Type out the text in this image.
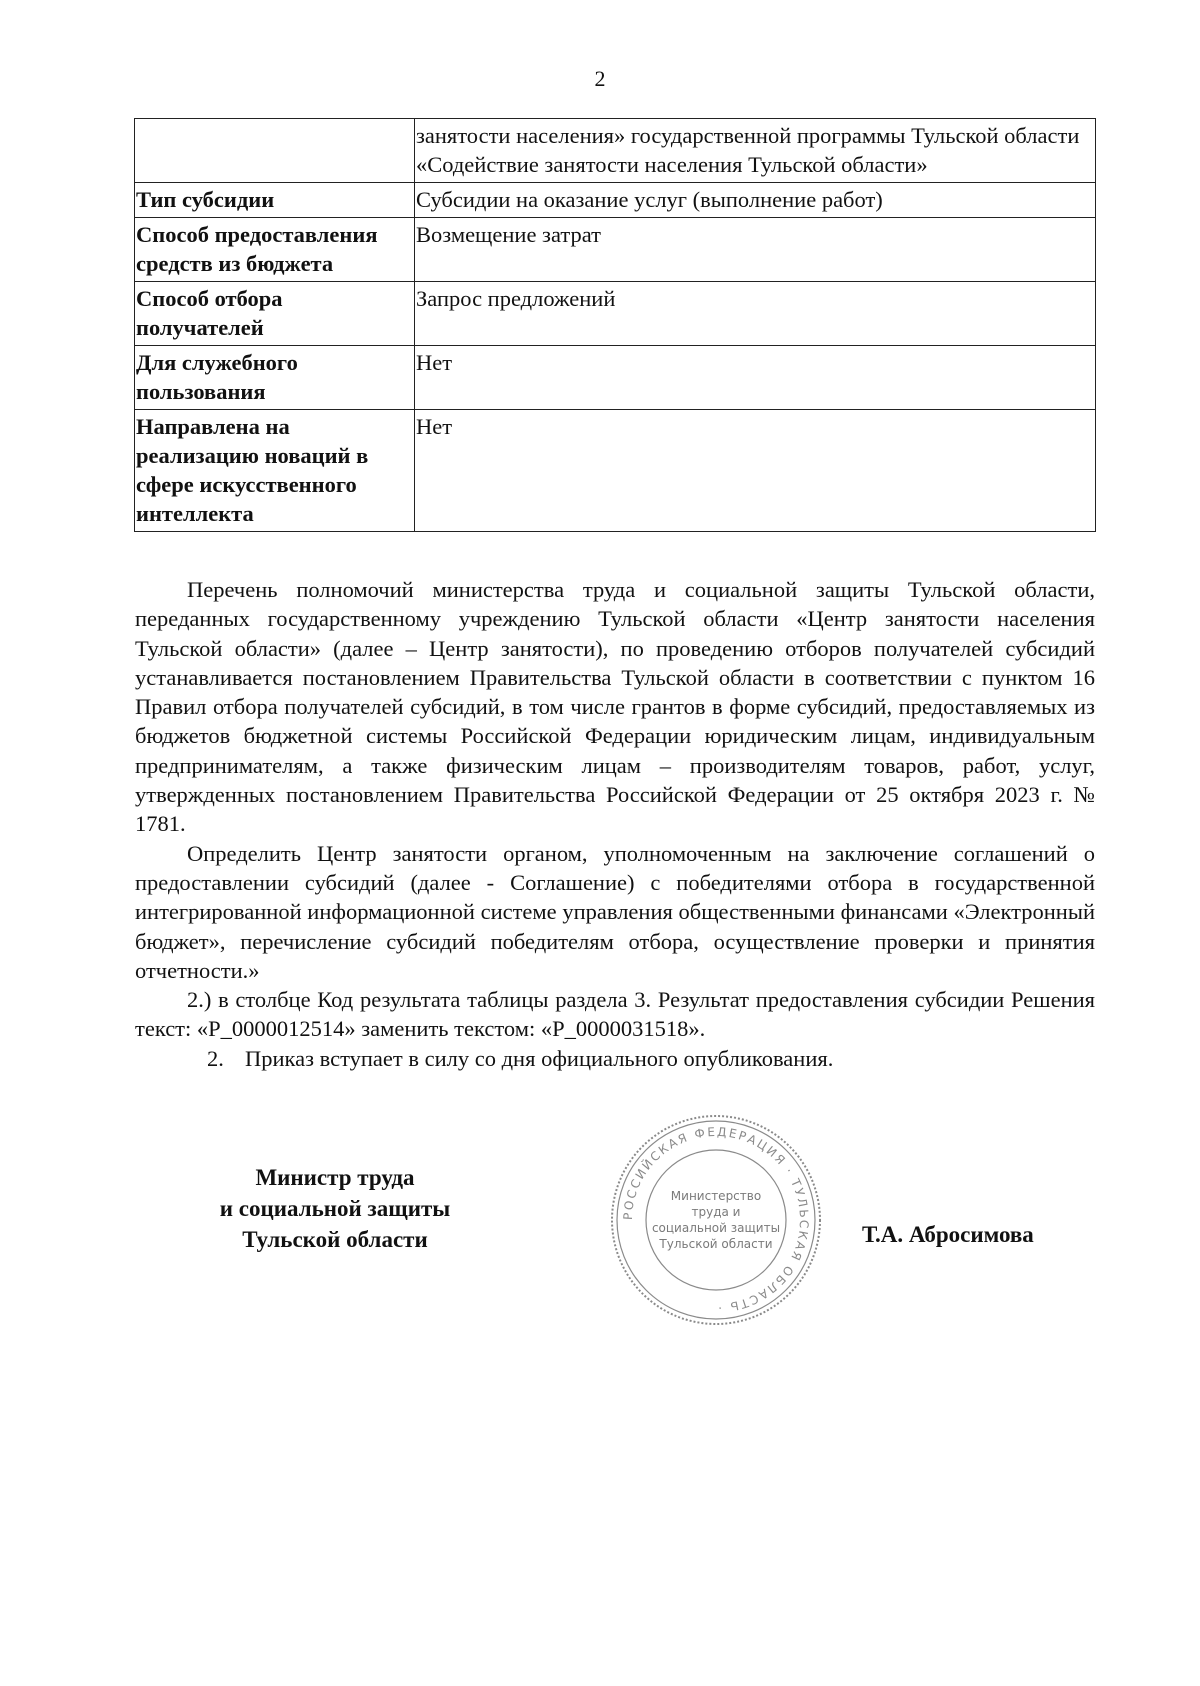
2
	занятости населения» государственной программы Тульской области «Содействие занятости населения Тульской области»
Тип субсидии	Субсидии на оказание услуг (выполнение работ)
Способ предоставления средств из бюджета	Возмещение затрат
Способ отбора получателей	Запрос предложений
Для служебного пользования	Нет
Направлена на реализацию новаций в сфере искусственного интеллекта	Нет

Перечень полномочий министерства труда и социальной защиты Тульской области, переданных государственному учреждению Тульской области «Центр занятости населения Тульской области» (далее – Центр занятости), по проведению отборов получателей субсидий устанавливается постановлением Правительства Тульской области в соответствии с пунктом 16 Правил отбора получателей субсидий, в том числе грантов в форме субсидий, предоставляемых из бюджетов бюджетной системы Российской Федерации юридическим лицам, индивидуальным предпринимателям, а также физическим лицам – производителям товаров, работ, услуг, утвержденных постановлением Правительства Российской Федерации от 25 октября 2023 г. № 1781.

Определить Центр занятости органом, уполномоченным на заключение соглашений о предоставлении субсидий (далее - Соглашение) с победителями отбора в государственной интегрированной информационной системе управления общественными финансами «Электронный бюджет», перечисление субсидий победителям отбора, осуществление проверки и принятия отчетности.»

2.) в столбце Код результата таблицы раздела 3. Результат предоставления субсидии Решения текст: «P_0000012514» заменить текстом: «P_0000031518».

2. Приказ вступает в силу со дня официального опубликования.
Министр труда
и социальной защиты
Тульской области
РОССИЙСКАЯ ФЕДЕРАЦИЯ · ТУЛЬСКАЯ ОБЛАСТЬ ·
Министерство
труда и
социальной защиты
Тульской области	Т.А. Абросимова
